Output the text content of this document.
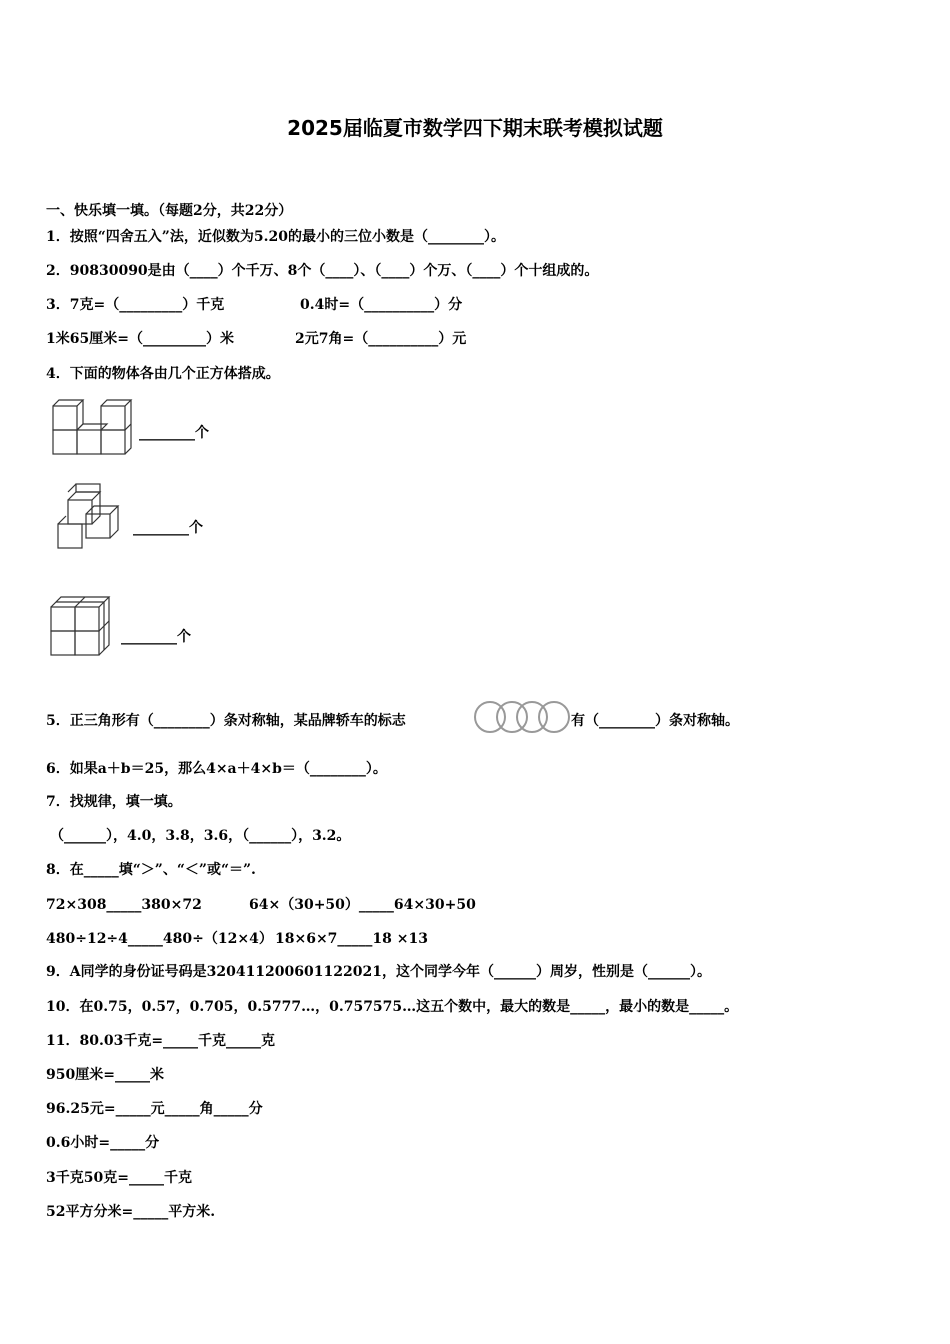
2025届临夏市数学四下期末联考模拟试题
一、快乐填一填。（每题2分，共22分）
1．按照“四舍五入”法，近似数为5.20的最小的三位小数是（________）。
2．90830090是由（____）个千万、8个（____）、（____）个万、（____）个十组成的。
3．7克=（_________）千克	0.4时=（__________）分
1米65厘米=（_________）米	2元7角=（__________）元
4．下面的物体各由几个正方体搭成。
________个
________个
________个
5．正三角形有（________）条对称轴，某品牌轿车的标志	有（________）条对称轴。
6．如果a＋b＝25，那么4×a＋4×b＝（________）。
7．找规律，填一填。
（______），4.0，3.8，3.6，（______），3.2。
8．在_____填“＞”、“＜”或“＝”.
72×308_____380×72	64×（30+50）_____64×30+50
480÷12÷4_____480÷（12×4） 18×6×7_____18 ×13
9．A同学的身份证号码是320411200601122021，这个同学今年（______）周岁，性别是（______）。
10．在0.75，0.57，0.705，0.5777…，0.757575…这五个数中，最大的数是_____，最小的数是_____。
11．80.03千克=_____千克_____克
950厘米=_____米
96.25元=_____元_____角_____分
0.6小时=_____分
3千克50克=_____千克
52平方分米=_____平方米.
